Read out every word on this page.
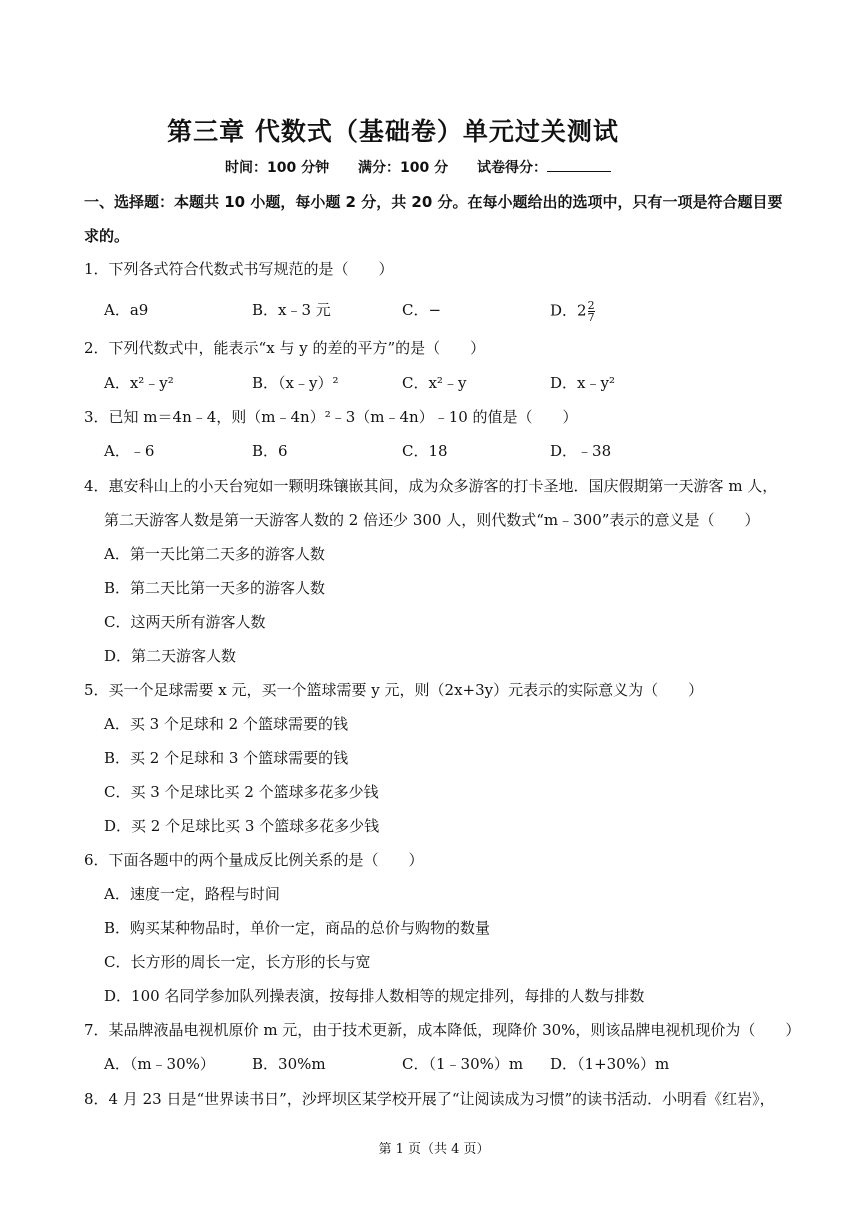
第三章 代数式（基础卷）单元过关测试
时间：100 分钟 满分：100 分 试卷得分：
一、选择题：本题共 10 小题，每小题 2 分，共 20 分。在每小题给出的选项中，只有一项是符合题目要求的。
1．下列各式符合代数式书写规范的是（　　）
A．a9	B．x﹣3 元	C．−	D．$2 \frac{2}{7}$
2．下列代数式中，能表示“x 与 y 的差的平方”的是（　　）
A．x²﹣y²	B．（x﹣y）²	C．x²﹣y	D．x﹣y²
3．已知 m＝4n﹣4，则（m﹣4n）²﹣3（m﹣4n）﹣10 的值是（　　）
A．﹣6	B．6	C．18	D．﹣38
4．惠安科山上的小天台宛如一颗明珠镶嵌其间，成为众多游客的打卡圣地．国庆假期第一天游客 m 人，
第二天游客人数是第一天游客人数的 2 倍还少 300 人，则代数式“m﹣300”表示的意义是（　　）
A．第一天比第二天多的游客人数
B．第二天比第一天多的游客人数
C．这两天所有游客人数
D．第二天游客人数
5．买一个足球需要 x 元，买一个篮球需要 y 元，则（2x+3y）元表示的实际意义为（　　）
A．买 3 个足球和 2 个篮球需要的钱
B．买 2 个足球和 3 个篮球需要的钱
C．买 3 个足球比买 2 个篮球多花多少钱
D．买 2 个足球比买 3 个篮球多花多少钱
6．下面各题中的两个量成反比例关系的是（　　）
A．速度一定，路程与时间
B．购买某种物品时，单价一定，商品的总价与购物的数量
C．长方形的周长一定，长方形的长与宽
D．100 名同学参加队列操表演，按每排人数相等的规定排列，每排的人数与排数
7．某品牌液晶电视机原价 m 元，由于技术更新，成本降低，现降价 30%，则该品牌电视机现价为（　　）
A．（m﹣30%） B．30%m	C．（1﹣30%）m D．（1+30%）m
8．4 月 23 日是“世界读书日”，沙坪坝区某学校开展了“让阅读成为习惯”的读书活动．小明看《红岩》，
第 1 页（共 4 页）
